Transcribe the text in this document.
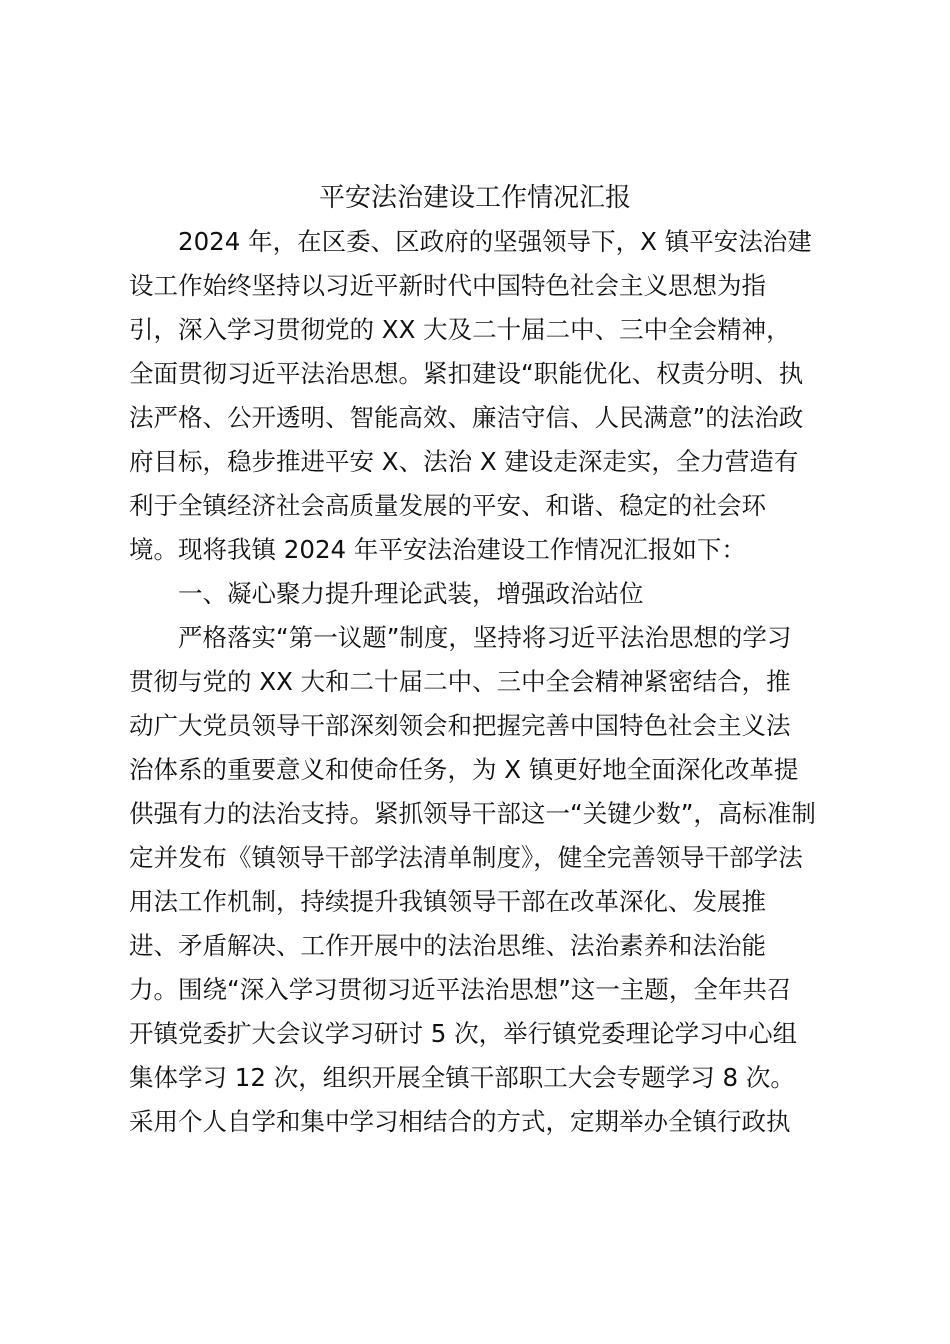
平安法治建设工作情况汇报

2024 年，在区委、区政府的坚强领导下，X 镇平安法治建

设工作始终坚持以习近平新时代中国特色社会主义思想为指

引，深入学习贯彻党的 XX 大及二十届二中、三中全会精神，

全面贯彻习近平法治思想。紧扣建设“职能优化、权责分明、执

法严格、公开透明、智能高效、廉洁守信、人民满意”的法治政

府目标，稳步推进平安 X、法治 X 建设走深走实，全力营造有

利于全镇经济社会高质量发展的平安、和谐、稳定的社会环

境。现将我镇 2024 年平安法治建设工作情况汇报如下：

一、凝心聚力提升理论武装，增强政治站位

严格落实“第一议题”制度，坚持将习近平法治思想的学习

贯彻与党的 XX 大和二十届二中、三中全会精神紧密结合，推

动广大党员领导干部深刻领会和把握完善中国特色社会主义法

治体系的重要意义和使命任务，为 X 镇更好地全面深化改革提

供强有力的法治支持。紧抓领导干部这一“关键少数”，高标准制

定并发布《镇领导干部学法清单制度》，健全完善领导干部学法

用法工作机制，持续提升我镇领导干部在改革深化、发展推

进、矛盾解决、工作开展中的法治思维、法治素养和法治能

力。围绕“深入学习贯彻习近平法治思想”这一主题，全年共召

开镇党委扩大会议学习研讨 5 次，举行镇党委理论学习中心组

集体学习 12 次，组织开展全镇干部职工大会专题学习 8 次。

采用个人自学和集中学习相结合的方式，定期举办全镇行政执
